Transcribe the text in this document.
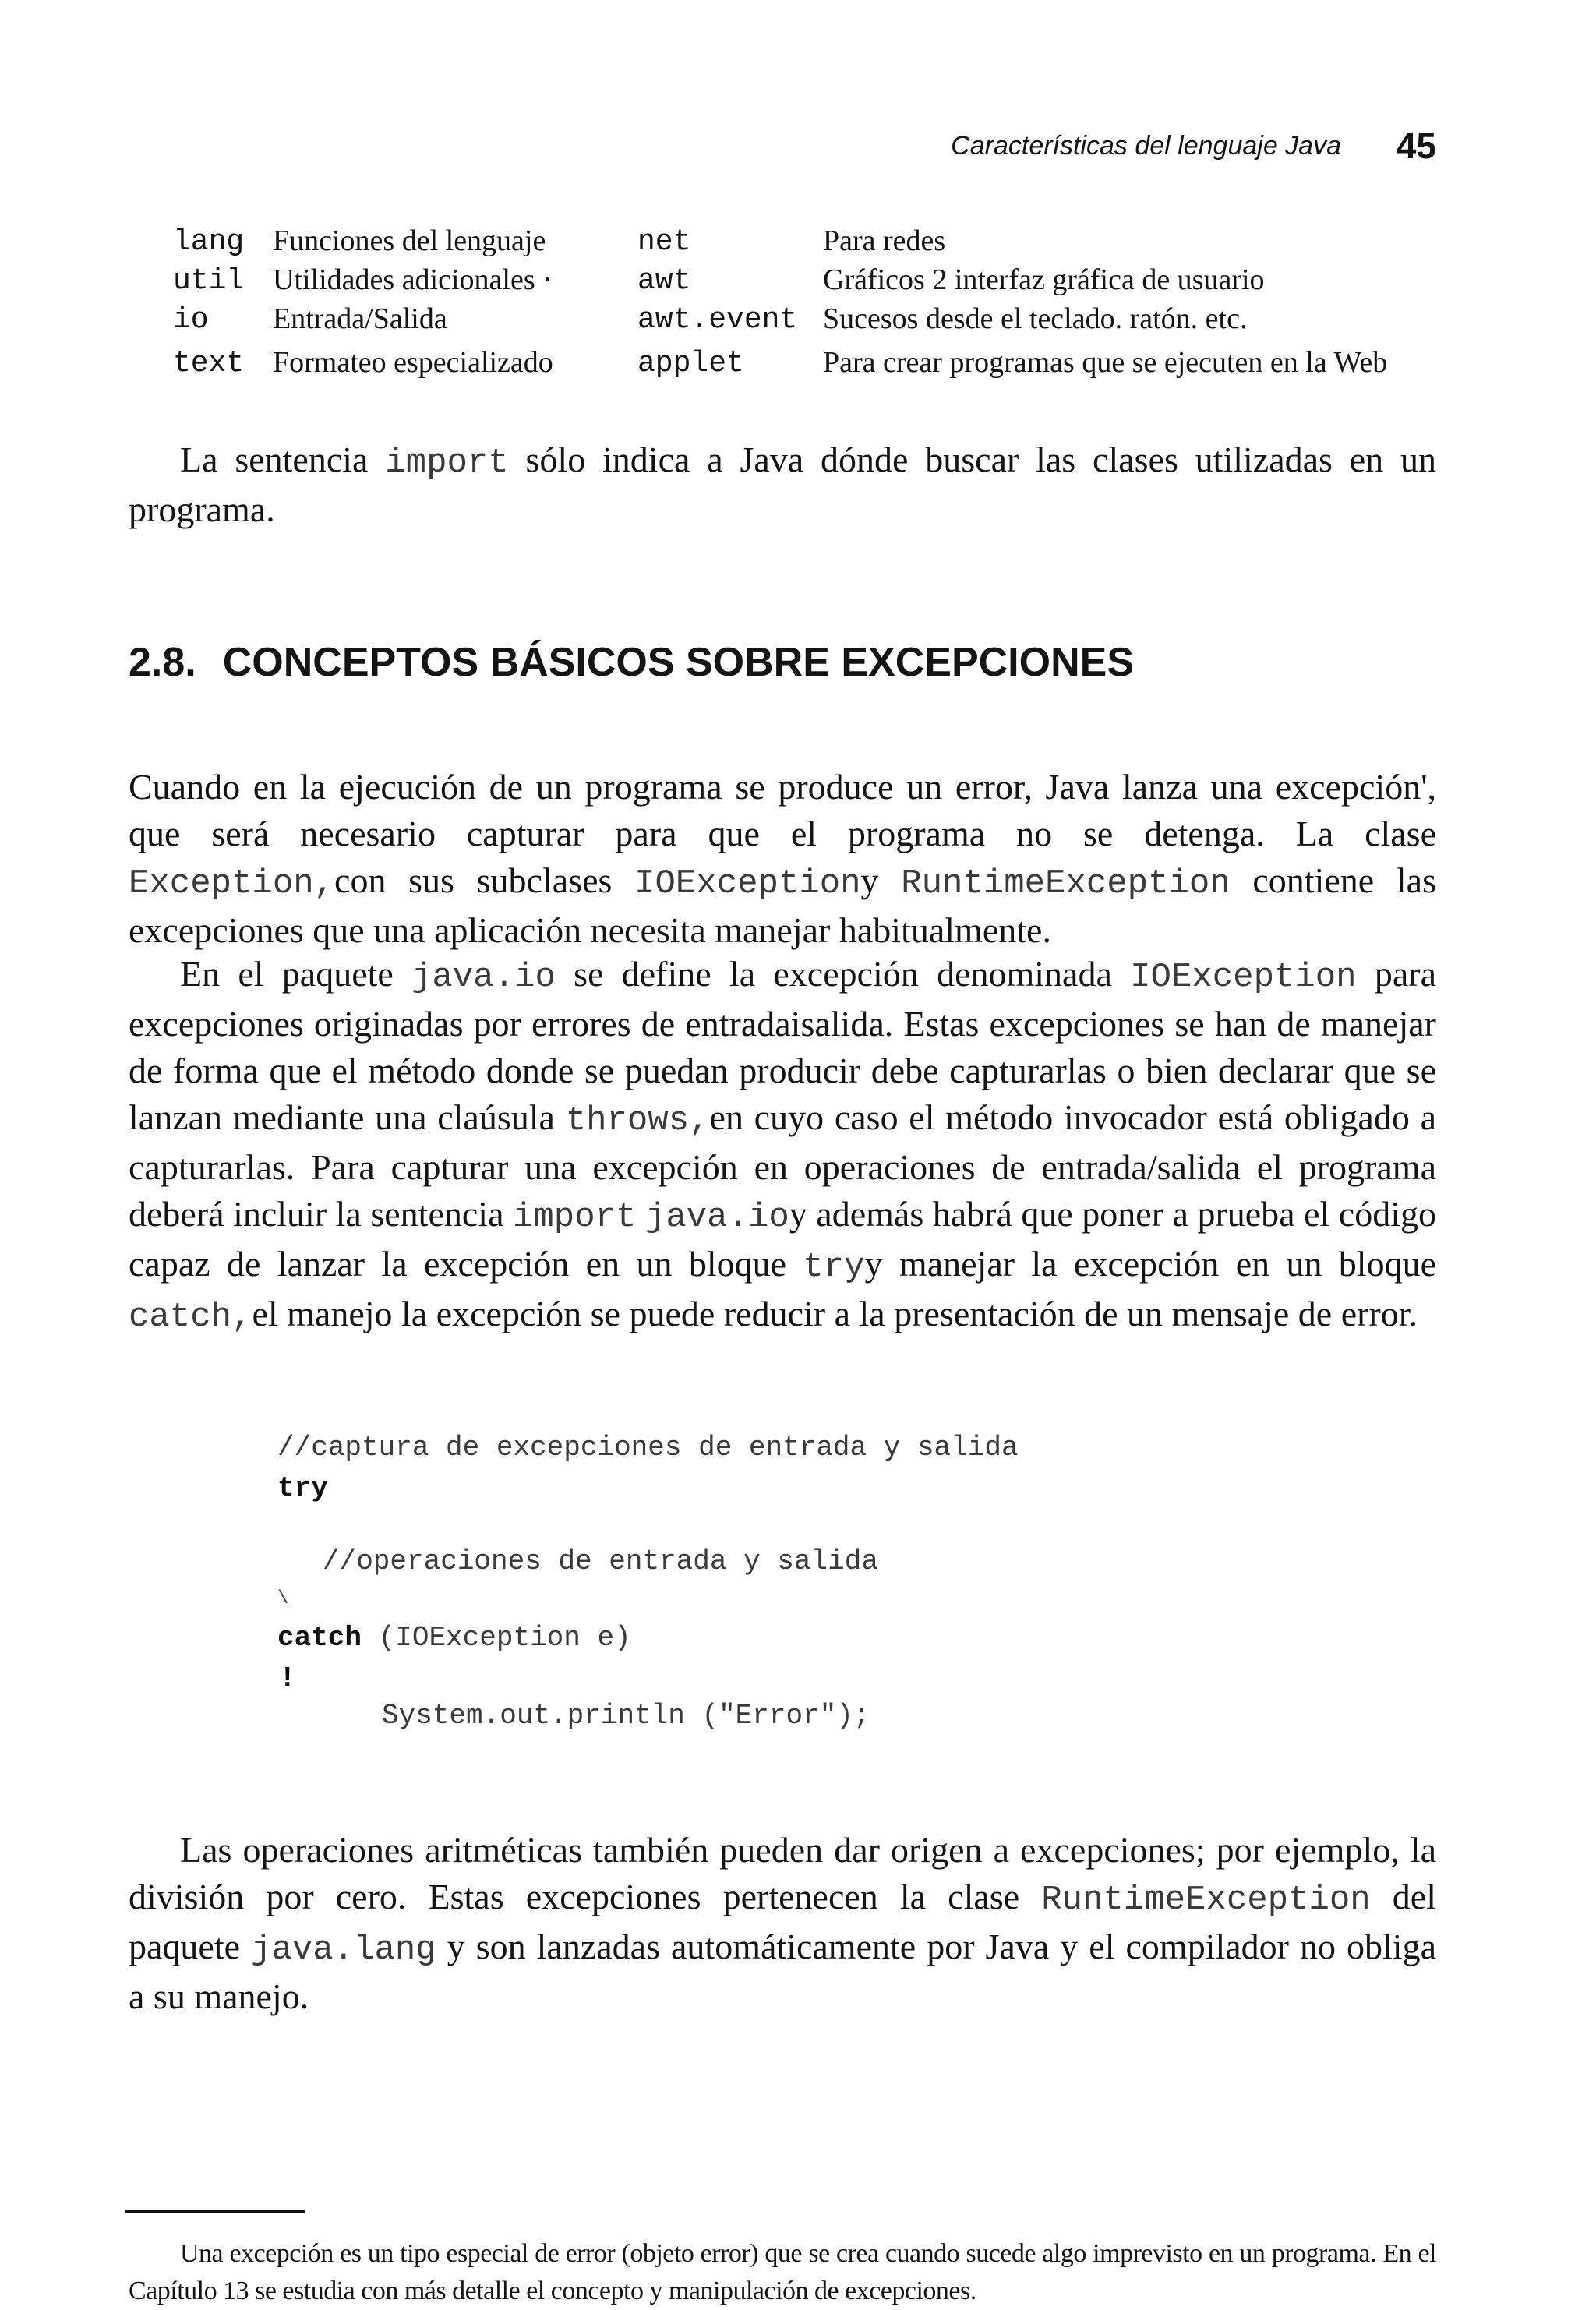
Características del lenguaje Java 45
lang Funciones del lenguaje	net	Para redes
util Utilidades adicionales ·	awt	Gráficos 2 interfaz gráfica de usuario
io Entrada/Salida	awt.event Sucesos desde el teclado. ratón. etc.
text Formateo especializado	applet	Para crear programas que se ejecuten en la Web

La sentencia import sólo indica a Java dónde buscar las clases utilizadas en un programa.

2.8. CONCEPTOS BÁSICOS SOBRE EXCEPCIONES

Cuando en la ejecución de un programa se produce un error, Java lanza una excepción', que será necesario capturar para que el programa no se detenga. La clase Exception,con sus subclases IOExceptiony RuntimeException contiene las excepciones que una aplicación necesita manejar habitualmente.

En el paquete java.io se define la excepción denominada IOException para excepciones originadas por errores de entradaisalida. Estas excepciones se han de manejar de forma que el método donde se puedan producir debe capturarlas o bien declarar que se lanzan mediante una claúsula throws,en cuyo caso el método invocador está obligado a capturarlas. Para capturar una excepción en operaciones de entrada/salida el programa deberá incluir la sentencia import java.ioy además habrá que poner a prueba el código capaz de lanzar la excepción en un bloque tryy manejar la excepción en un bloque catch,el manejo la excepción se puede reducir a la presentación de un mensaje de error.

//captura de excepciones de entrada y salida
try
//operaciones de entrada y salida
\
catch (IOException e)
!
System.out.println ("Error");

Las operaciones aritméticas también pueden dar origen a excepciones; por ejemplo, la división por cero. Estas excepciones pertenecen la clase RuntimeException del paquete java.lang y son lanzadas automáticamente por Java y el compilador no obliga a su manejo.

Una excepción es un tipo especial de error (objeto error) que se crea cuando sucede algo imprevisto en un programa. En el Capítulo 13 se estudia con más detalle el concepto y manipulación de excepciones.
